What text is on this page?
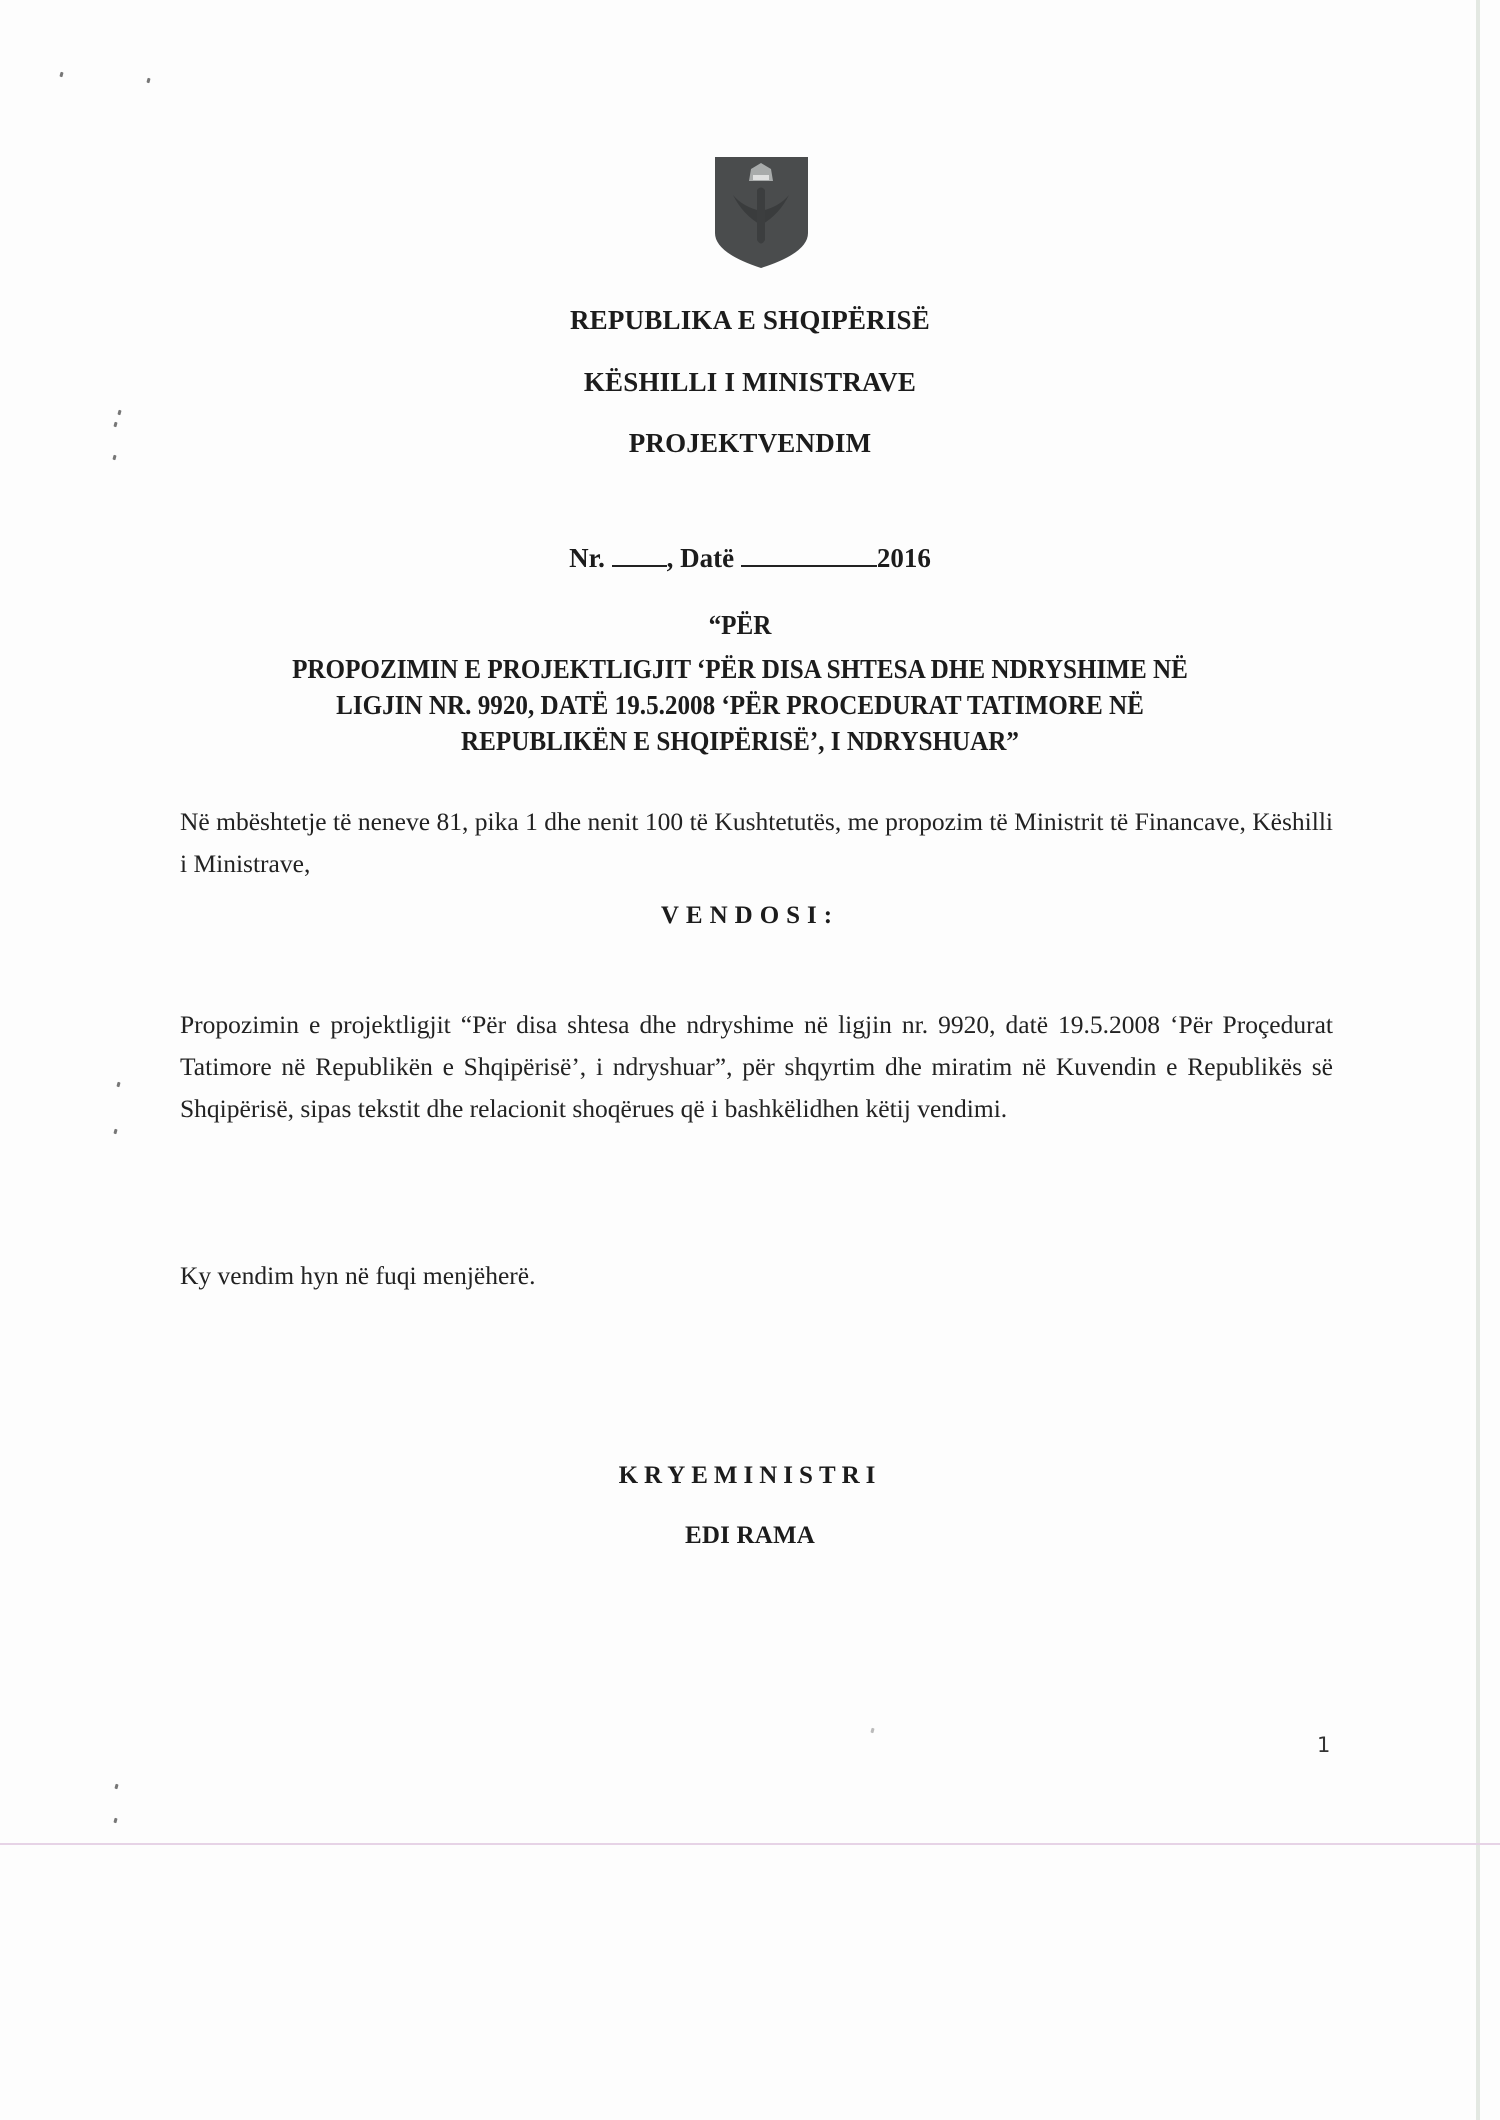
REPUBLIKA E SHQIPËRISË
KËSHILLI I MINISTRAVE
PROJEKTVENDIM
Nr. , Datë	2016
“PËR
PROPOZIMIN E PROJEKTLIGJIT ‘PËR DISA SHTESA DHE NDRYSHIME NË
LIGJIN NR. 9920, DATË 19.5.2008 ‘PËR PROCEDURAT TATIMORE NË
REPUBLIKËN E SHQIPËRISË’, I NDRYSHUAR”
Në mbështetje të neneve 81, pika 1 dhe nenit 100 të Kushtetutës, me propozim të Ministrit të Financave, Këshilli i Ministrave,
VENDOSI:
Propozimin e projektligjit “Për disa shtesa dhe ndryshime në ligjin nr. 9920, datë 19.5.2008 ‘Për Proçedurat Tatimore në Republikën e Shqipërisë’, i ndryshuar”, për shqyrtim dhe miratim në Kuvendin e Republikës së Shqipërisë, sipas tekstit dhe relacionit shoqërues që i bashkëlidhen këtij vendimi.
Ky vendim hyn në fuqi menjëherë.
KRYEMINISTRI
EDI RAMA
1
